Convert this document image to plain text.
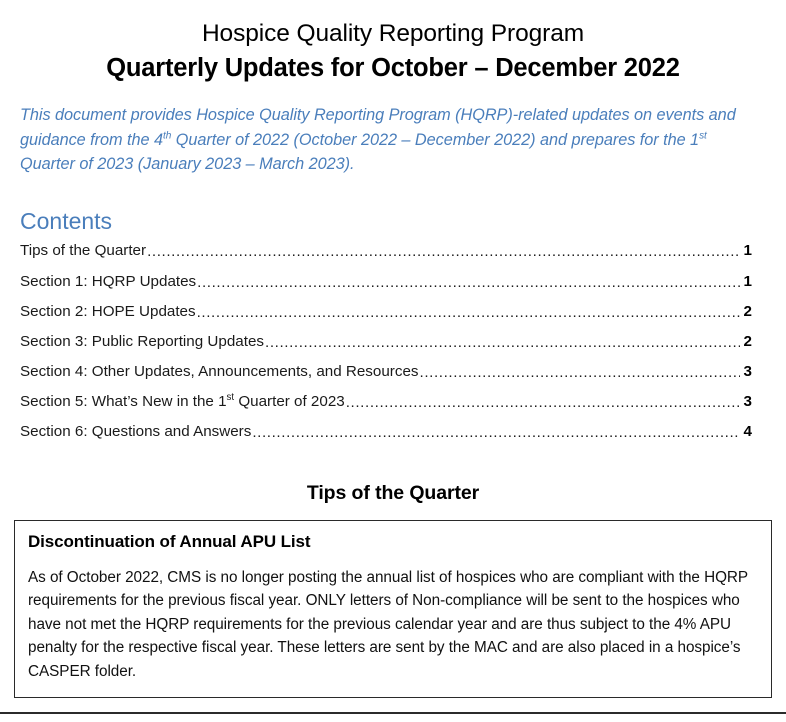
Hospice Quality Reporting Program
Quarterly Updates for October – December 2022

This document provides Hospice Quality Reporting Program (HQRP)-related updates on events and guidance from the 4th Quarter of 2022 (October 2022 – December 2022) and prepares for the 1st Quarter of 2023 (January 2023 – March 2023).

Contents
Tips of the Quarter .....	1
Section 1: HQRP Updates .....	1
Section 2: HOPE Updates .....	2
Section 3: Public Reporting Updates .....	2
Section 4: Other Updates, Announcements, and Resources .....	3
Section 5: What’s New in the 1st Quarter of 2023 .....	3
Section 6: Questions and Answers .....	4
Tips of the Quarter
Discontinuation of Annual APU List
As of October 2022, CMS is no longer posting the annual list of hospices who are compliant with the HQRP requirements for the previous fiscal year. ONLY letters of Non-compliance will be sent to the hospices who have not met the HQRP requirements for the previous calendar year and are thus subject to the 4% APU penalty for the respective fiscal year. These letters are sent by the MAC and are also placed in a hospice’s CASPER folder.
